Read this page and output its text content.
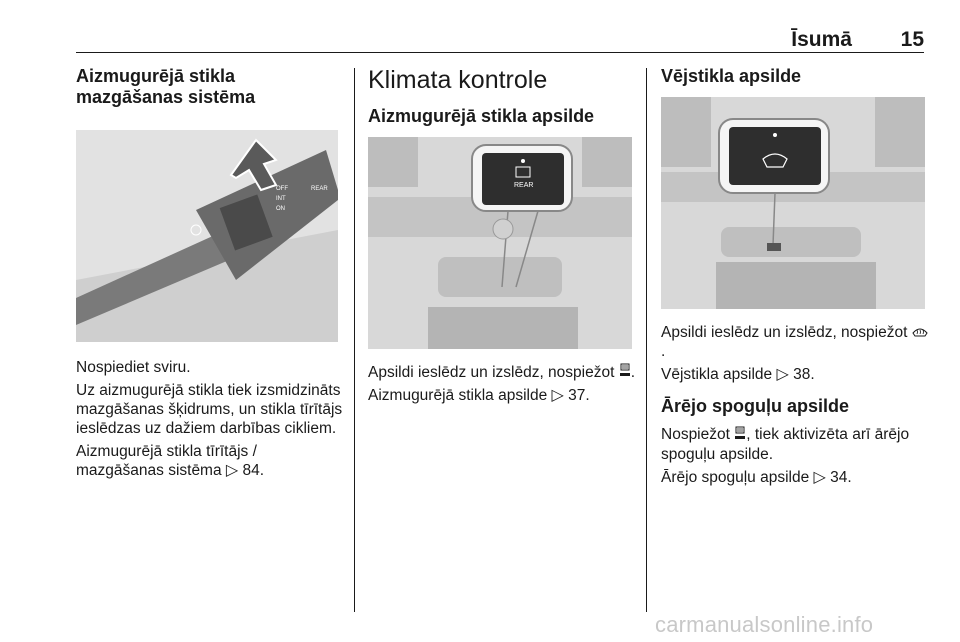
Īsumā 15

Aizmugurējā stikla mazgāšanas sistēma

OFF
INT
ON
REAR

Nospiediet sviru.

Uz aizmugurējā stikla tiek izsmidzināts mazgāšanas šķidrums, un stikla tīrītājs ieslēdzas uz dažiem darbības cikliem.

Aizmugurējā stikla tīrītājs / mazgāšanas sistēma ▷ 84.

Klimata kontrole

Aizmugurējā stikla apsilde

REAR

Apsildi ieslēdz un izslēdz, nospiežot .

Aizmugurējā stikla apsilde ▷ 37.

Vējstikla apsilde

Apsildi ieslēdz un izslēdz, nospiežot .

Vējstikla apsilde ▷ 38.

Ārējo spoguļu apsilde

Nospiežot , tiek aktivizēta arī ārējo spoguļu apsilde.

Ārējo spoguļu apsilde ▷ 34.

carmanualsonline.info
